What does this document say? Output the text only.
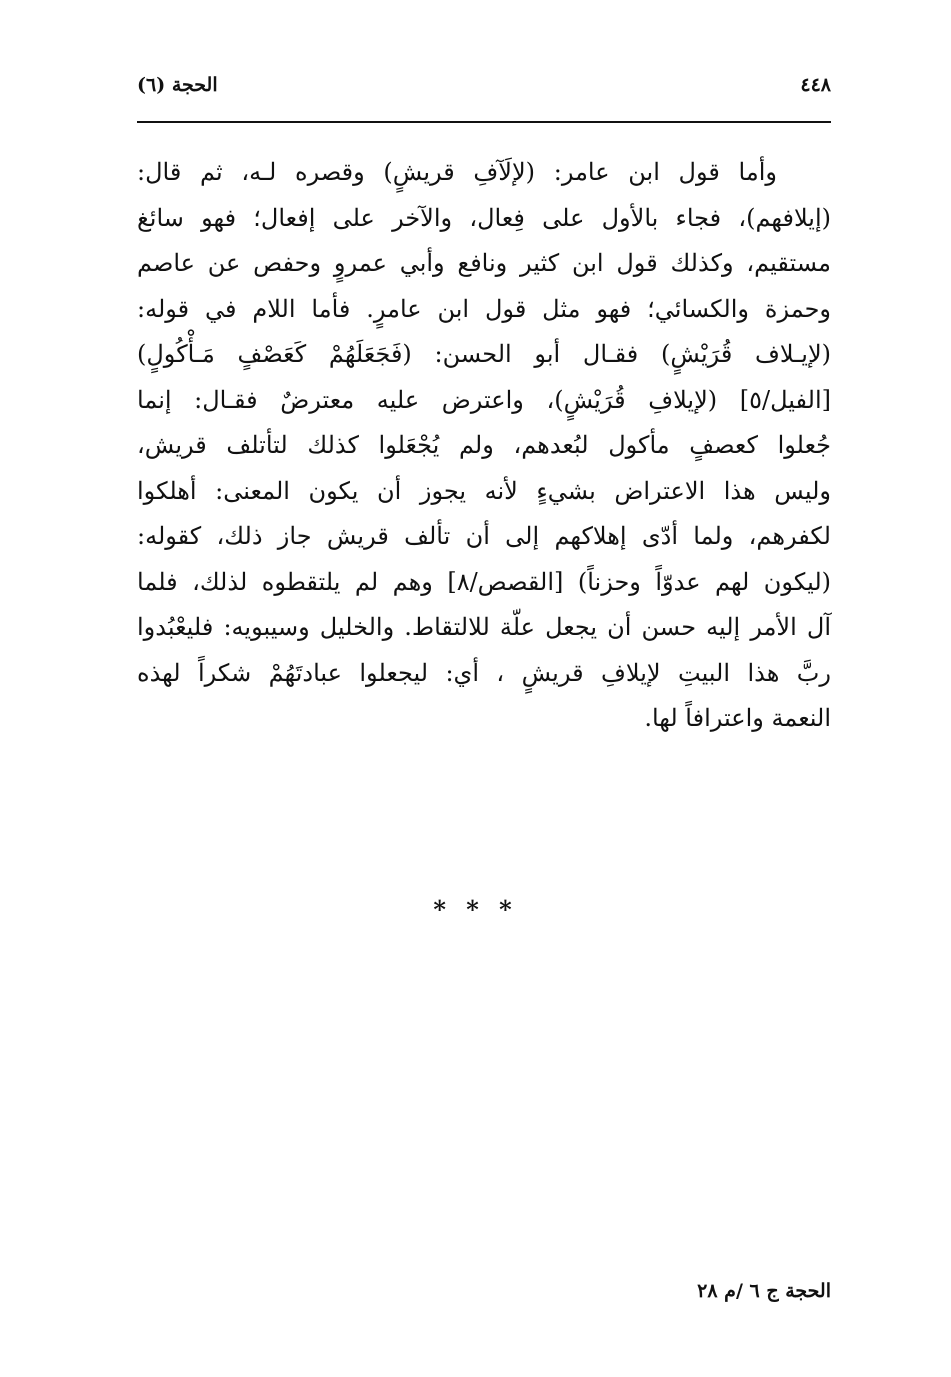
٤٤٨
الحجة (٦)
وأما قول ابن عامر: (لإلَآفِ قريشٍ) وقصره لـه، ثم قال:
(إيلافهم)، فجاء بالأول على فِعال، والآخر على إفعال؛ فهو سائغ
مستقيم، وكذلك قول ابن كثير ونافع وأبي عمروٍ وحفص عن عاصم
وحمزة والكسائي؛ فهو مثل قول ابن عامرٍ. فأما اللام في قوله:
(لإيـلاف قُرَيْشٍ) فقـال أبو الحسن: (فَجَعَلَهُمْ كَعَصْفٍ مَـأْكُولٍ)
[الفيل/٥] (لإيلافِ قُرَيْشٍ)، واعترض عليه معترضٌ فقـال: إنما
جُعلوا كعصفٍ مأكول لبُعدهم، ولم يُجْعَلوا كذلك لتأتلف قريش،
وليس هذا الاعتراض بشيءٍ لأنه يجوز أن يكون المعنى: أهلكوا
لكفرهم، ولما أدّى إهلاكهم إلى أن تألف قريش جاز ذلك، كقوله:
(ليكون لهم عدوّاً وحزناً) [القصص/٨] وهم لم يلتقطوه لذلك، فلما
آل الأمر إليه حسن أن يجعل علّة للالتقاط. والخليل وسيبويه: فليعْبُدوا
ربَّ هذا البيتِ لإيلافِ قريشٍ ، أي: ليجعلوا عبادتَهُمْ شكراً لهذه
النعمة واعترافاً لها.
* * *
الحجة ج ٦ /م ٢٨
